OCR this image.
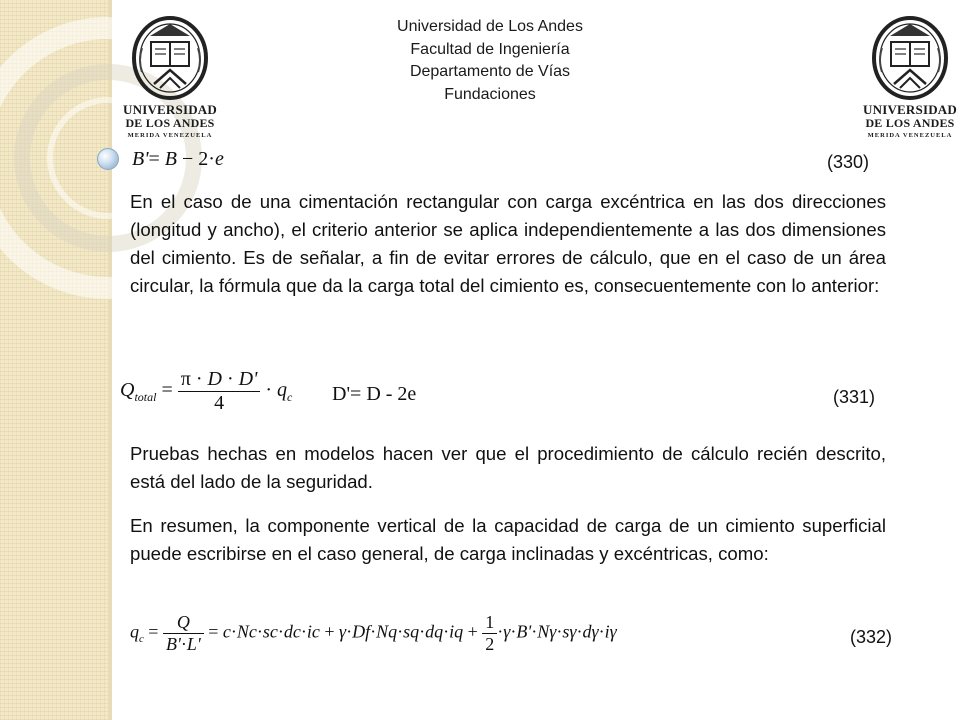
Universidad de Los Andes
Facultad de Ingeniería
Departamento de Vías
Fundaciones
UNIVERSIDAD
DE LOS ANDES
MERIDA VENEZUELA
UNIVERSIDAD
DE LOS ANDES
MERIDA VENEZUELA
B'= B − 2·e	(330)
En el caso de una cimentación rectangular con carga excéntrica en las dos direcciones (longitud y ancho), el criterio anterior se aplica independientemente a las dos dimensiones del cimiento. Es de señalar, a fin de evitar errores de cálculo, que en el caso de un área circular, la fórmula que da la carga total del cimiento es, consecuentemente con lo anterior:
$Q_{total} = \frac{\pi \cdot D \cdot D'}{4} \cdot q_c$ D'= D - 2e	(331)
Pruebas hechas en modelos hacen ver que el procedimiento de cálculo recién descrito, está del lado de la seguridad.
En resumen, la componente vertical de la capacidad de carga de un cimiento superficial puede escribirse en el caso general, de carga inclinadas y excéntricas, como:
$q_c = \frac{Q}{B'\cdot L'} = c\cdot Nc\cdot sc\cdot dc\cdot ic + \gamma\cdot Df\cdot Nq\cdot sq\cdot dq\cdot iq + \frac{1}{2} \cdot\gamma\cdot B'\cdot N\gamma\cdot s\gamma\cdot d\gamma\cdot i\gamma$	(332)
